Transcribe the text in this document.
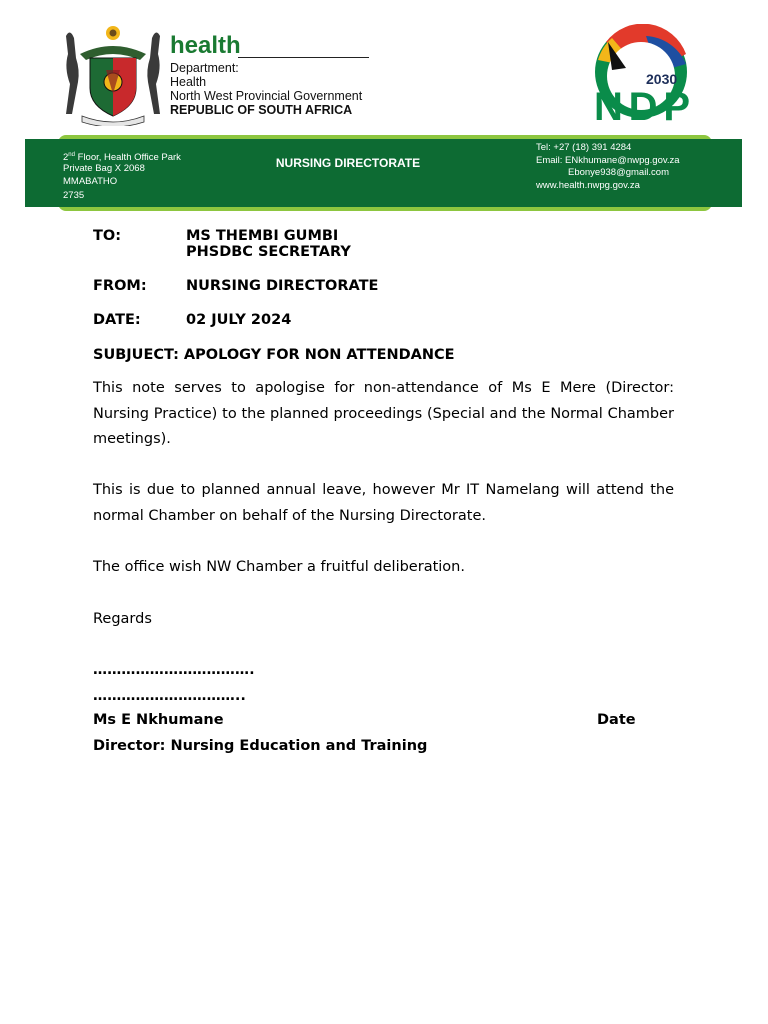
health
Department:
Health
North West Provincial Government
REPUBLIC OF SOUTH AFRICA
2030
NDP
2nd Floor, Health Office Park
Private Bag X 2068
MMABATHO
2735
NURSING DIRECTORATE
Tel: +27 (18) 391 4284
Email: ENkhumane@nwpg.gov.za
Ebonye938@gmail.com
www.health.nwpg.gov.za
TO:	MS THEMBI GUMBI
PHSDBC SECRETARY
FROM:	NURSING DIRECTORATE
DATE:	02 JULY 2024
SUBJUECT: APOLOGY FOR NON ATTENDANCE
This note serves to apologise for non-attendance of Ms E Mere (Director: Nursing Practice) to the planned proceedings (Special and the Normal Chamber meetings).
This is due to planned annual leave, however Mr IT Namelang will attend the normal Chamber on behalf of the Nursing Directorate.
The office wish NW Chamber a fruitful deliberation.
Regards
…………………………….
…………………………..
Ms E Nkhumane	Date
Director: Nursing Education and Training
